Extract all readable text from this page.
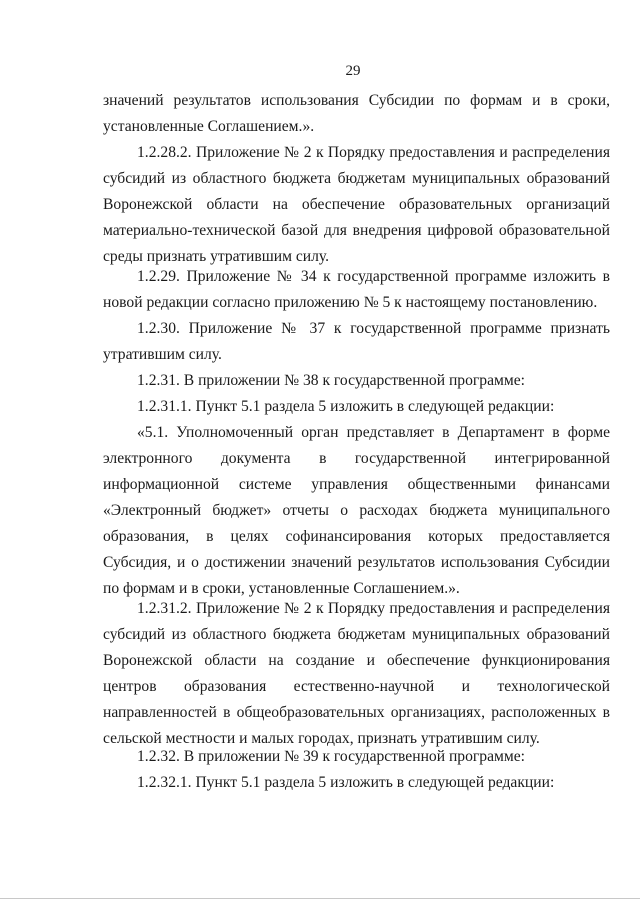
29

значений результатов использования Субсидии по формам и в сроки, установленные Соглашением.».

1.2.28.2. Приложение № 2 к Порядку предоставления и распределения субсидий из областного бюджета бюджетам муниципальных образований Воронежской области на обеспечение образовательных организаций материально-технической базой для внедрения цифровой образовательной среды признать утратившим силу.

1.2.29. Приложение № 34 к государственной программе изложить в новой редакции согласно приложению № 5 к настоящему постановлению.

1.2.30. Приложение № 37 к государственной программе признать утратившим силу.

1.2.31. В приложении № 38 к государственной программе:

1.2.31.1. Пункт 5.1 раздела 5 изложить в следующей редакции:

«5.1. Уполномоченный орган представляет в Департамент в форме электронного документа в государственной интегрированной информационной системе управления общественными финансами «Электронный бюджет» отчеты о расходах бюджета муниципального образования, в целях софинансирования которых предоставляется Субсидия, и о достижении значений результатов использования Субсидии по формам и в сроки, установленные Соглашением.».

1.2.31.2. Приложение № 2 к Порядку предоставления и распределения субсидий из областного бюджета бюджетам муниципальных образований Воронежской области на создание и обеспечение функционирования центров образования естественно-научной и технологической направленностей в общеобразовательных организациях, расположенных в сельской местности и малых городах, признать утратившим силу.

1.2.32. В приложении № 39 к государственной программе:

1.2.32.1. Пункт 5.1 раздела 5 изложить в следующей редакции:
